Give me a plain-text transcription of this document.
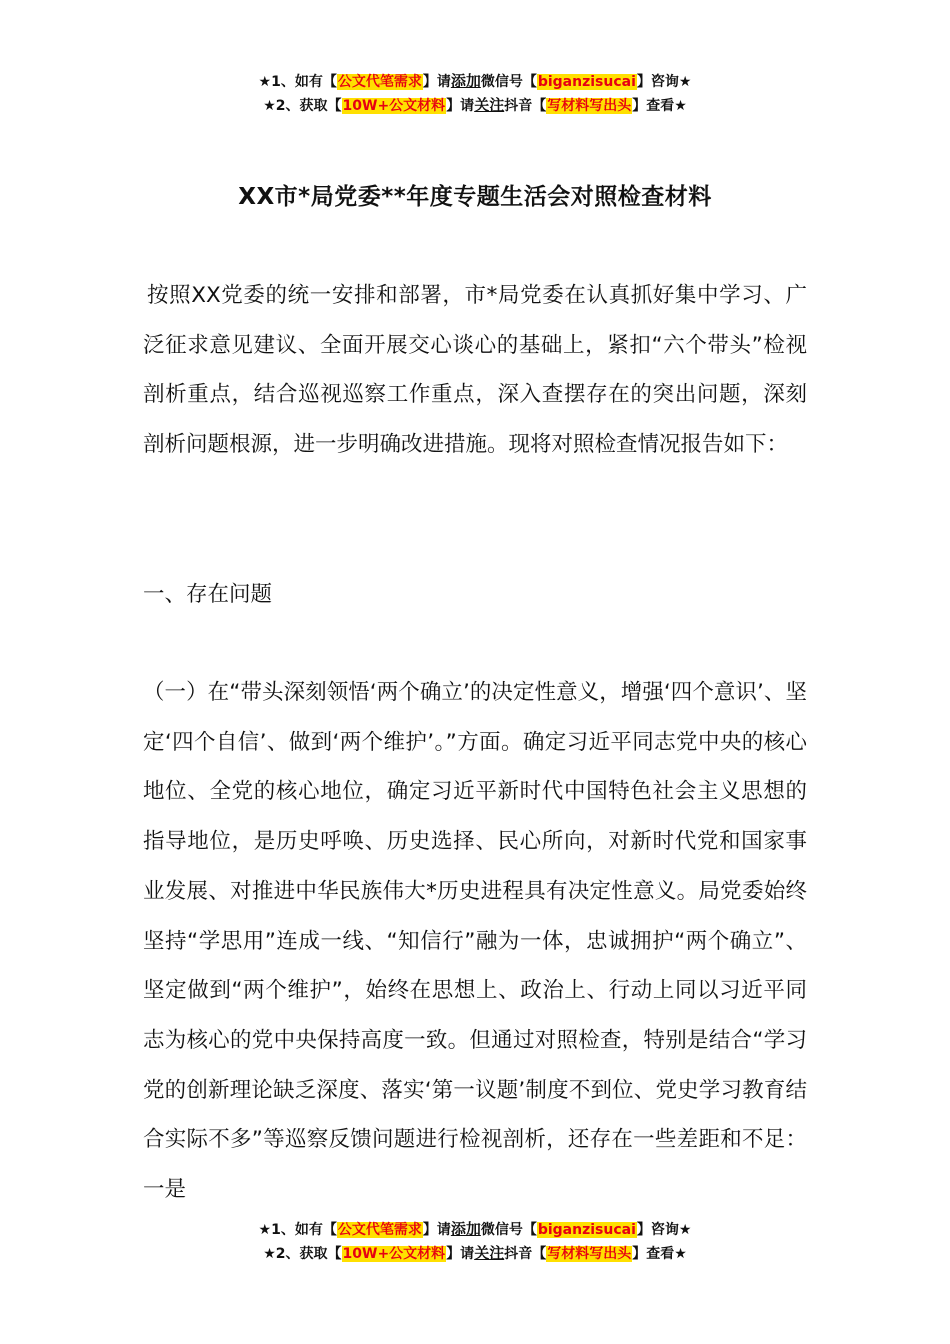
★1、如有【公文代笔需求】请添加微信号【biganzisucai】咨询★
★2、获取【10W+公文材料】请关注抖音【写材料写出头】查看★
XX市*局党委**年度专题生活会对照检查材料
按照XX党委的统一安排和部署，市*局党委在认真抓好集中学习、广泛征求意见建议、全面开展交心谈心的基础上，紧扣“六个带头”检视剖析重点，结合巡视巡察工作重点，深入查摆存在的突出问题，深刻剖析问题根源，进一步明确改进措施。现将对照检查情况报告如下：
一、存在问题
（一）在“带头深刻领悟‘两个确立’的决定性意义，增强‘四个意识’、坚定‘四个自信’、做到‘两个维护’。”方面。确定习近平同志党中央的核心地位、全党的核心地位，确定习近平新时代中国特色社会主义思想的指导地位，是历史呼唤、历史选择、民心所向，对新时代党和国家事业发展、对推进中华民族伟大*历史进程具有决定性意义。局党委始终坚持“学思用”连成一线、“知信行”融为一体，忠诚拥护“两个确立”、坚定做到“两个维护”，始终在思想上、政治上、行动上同以习近平同志为核心的党中央保持高度一致。但通过对照检查，特别是结合“学习党的创新理论缺乏深度、落实‘第一议题’制度不到位、党史学习教育结合实际不多”等巡察反馈问题进行检视剖析，还存在一些差距和不足：一是
★1、如有【公文代笔需求】请添加微信号【biganzisucai】咨询★
★2、获取【10W+公文材料】请关注抖音【写材料写出头】查看★
